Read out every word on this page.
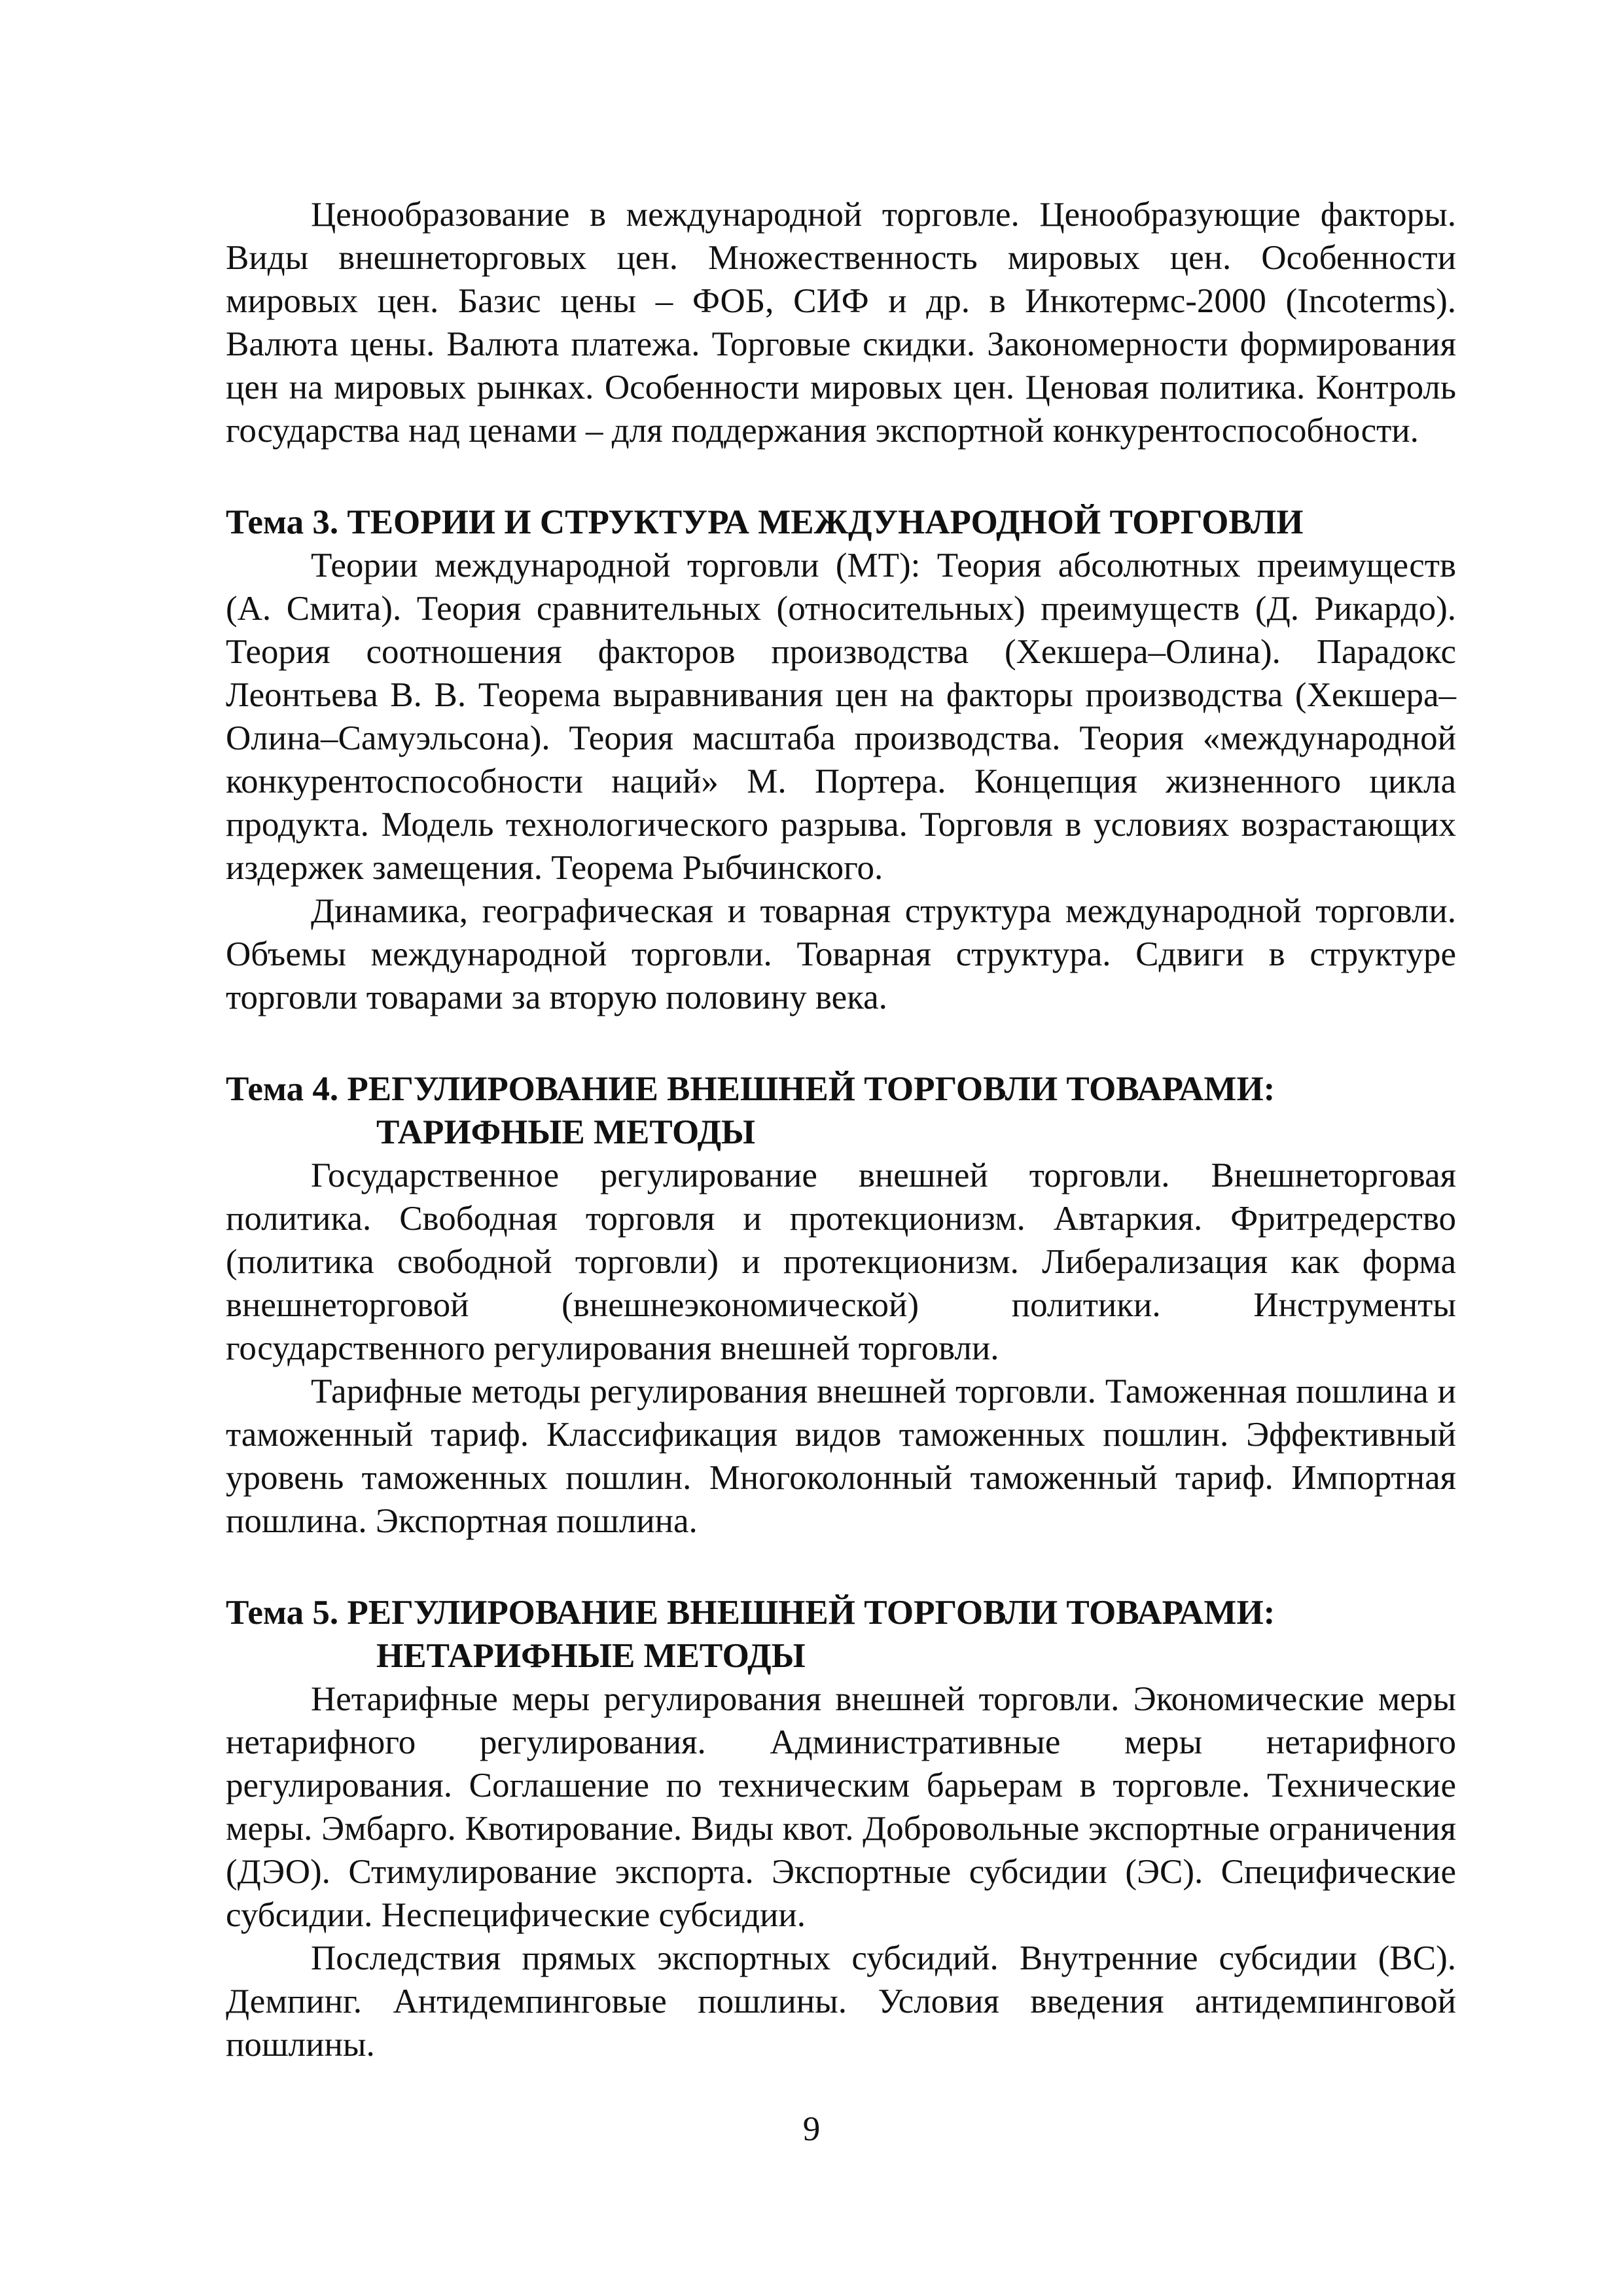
Ценообразование в международной торговле. Ценообразующие факторы. Виды внешнеторговых цен. Множественность мировых цен. Особенности мировых цен. Базис цены – ФОБ, СИФ и др. в Инкотермс-2000 (Incoterms). Валюта цены. Валюта платежа. Торговые скидки. Закономерности формирования цен на мировых рынках. Особенности мировых цен. Ценовая политика. Контроль государства над ценами – для поддержания экспортной конкурентоспособности.

Тема 3. ТЕОРИИ И СТРУКТУРА МЕЖДУНАРОДНОЙ ТОРГОВЛИ

Теории международной торговли (МТ): Теория абсолютных преимуществ (А. Смита). Теория сравнительных (относительных) преимуществ (Д. Рикардо). Теория соотношения факторов производства (Хекшера–Олина). Парадокс Леонтьева В. В. Теорема выравнивания цен на факторы производства (Хекшера–Олина–Самуэльсона). Теория масштаба производства. Теория «международной конкурентоспособности наций» М. Портера. Концепция жизненного цикла продукта. Модель технологического разрыва. Торговля в условиях возрастающих издержек замещения. Теорема Рыбчинского.

Динамика, географическая и товарная структура международной торговли. Объемы международной торговли. Товарная структура. Сдвиги в структуре торговли товарами за вторую половину века.

Тема 4. РЕГУЛИРОВАНИЕ ВНЕШНЕЙ ТОРГОВЛИ ТОВАРАМИ:
ТАРИФНЫЕ МЕТОДЫ

Государственное регулирование внешней торговли. Внешнеторговая политика. Свободная торговля и протекционизм. Автаркия. Фритредерство (политика свободной торговли) и протекционизм. Либерализация как форма внешнеторговой (внешнеэкономической) политики. Инструменты государственного регулирования внешней торговли.

Тарифные методы регулирования внешней торговли. Таможенная пошлина и таможенный тариф. Классификация видов таможенных пошлин. Эффективный уровень таможенных пошлин. Многоколонный таможенный тариф. Импортная пошлина. Экспортная пошлина.

Тема 5. РЕГУЛИРОВАНИЕ ВНЕШНЕЙ ТОРГОВЛИ ТОВАРАМИ:
НЕТАРИФНЫЕ МЕТОДЫ

Нетарифные меры регулирования внешней торговли. Экономические меры нетарифного регулирования. Административные меры нетарифного регулирования. Соглашение по техническим барьерам в торговле. Технические меры. Эмбарго. Квотирование. Виды квот. Добровольные экспортные ограничения (ДЭО). Стимулирование экспорта. Экспортные субсидии (ЭС). Специфические субсидии. Неспецифические субсидии.

Последствия прямых экспортных субсидий. Внутренние субсидии (ВС). Демпинг. Антидемпинговые пошлины. Условия введения антидемпинговой пошлины.

9
